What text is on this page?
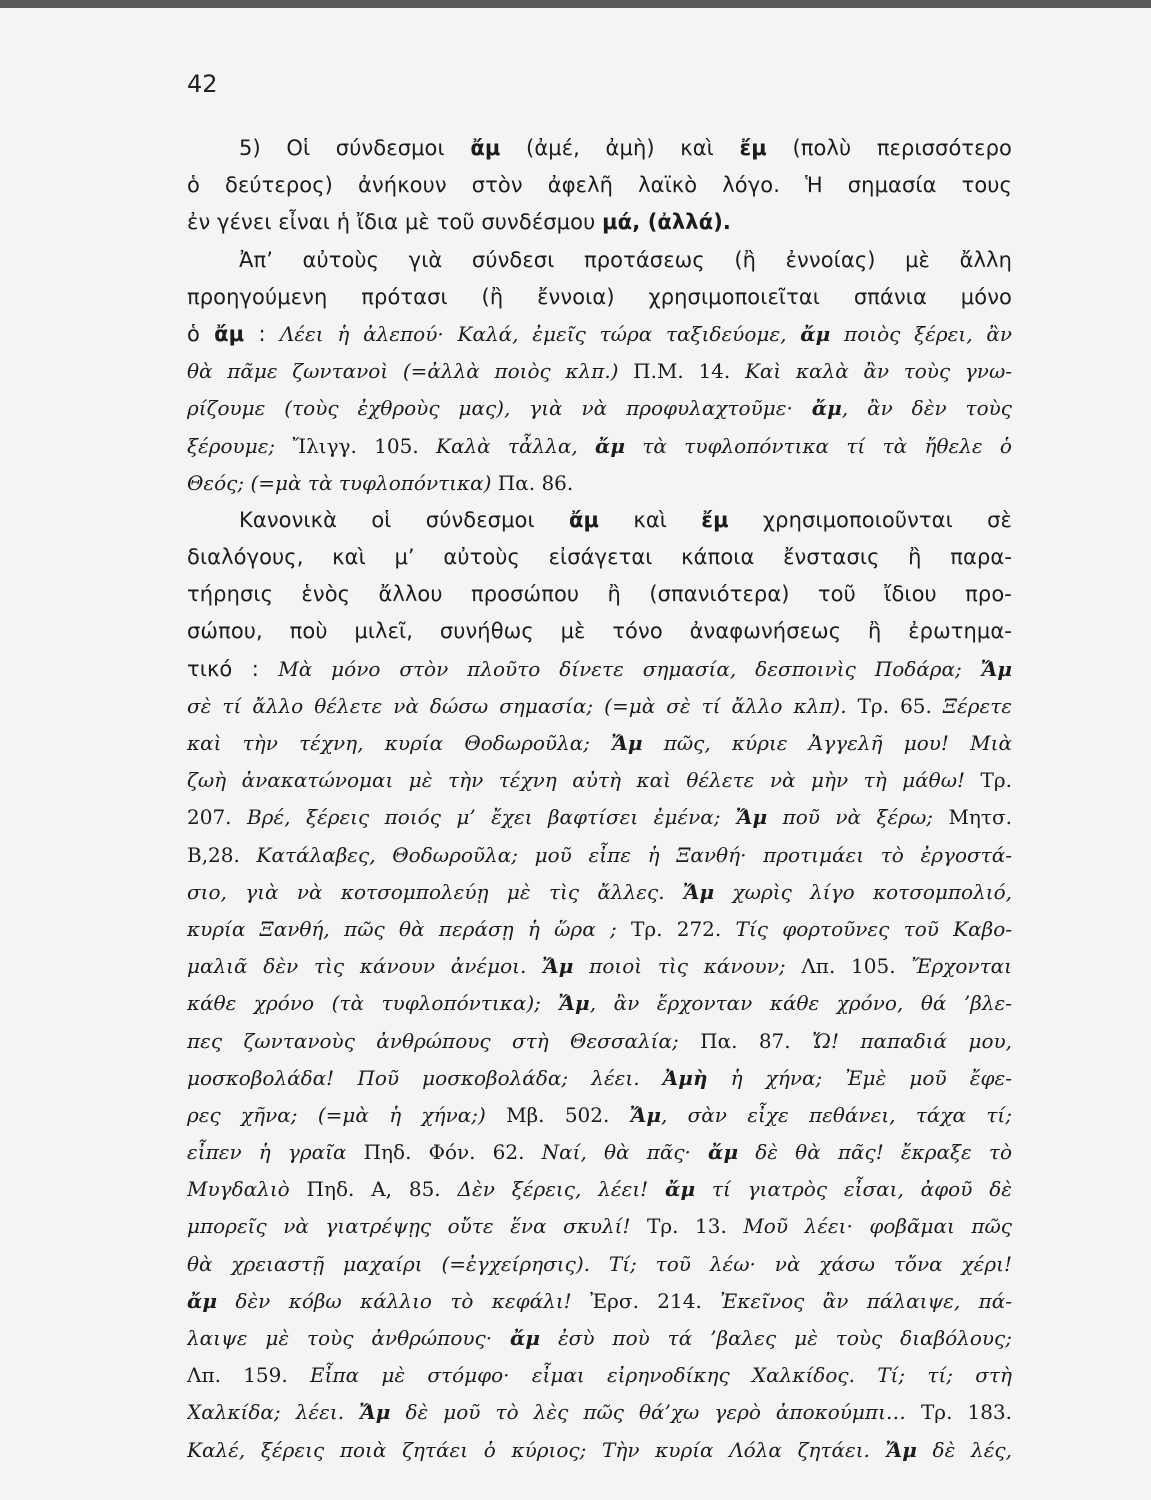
42
5) Οἱ σύνδεσμοι ἄμ (ἀμέ, ἀμὴ) καὶ ἔμ (πολὺ περισσότερο
ὁ δεύτερος) ἀνήκουν στὸν ἀφελῆ λαϊκὸ λόγο. Ἡ σημασία τους
ἐν γένει εἶναι ἡ ἴδια μὲ τοῦ συνδέσμου μά, (ἀλλά).
Ἀπ’ αὐτοὺς γιὰ σύνδεσι προτάσεως (ἢ ἐννοίας) μὲ ἄλλη
προηγούμενη πρότασι (ἢ ἔννοια) χρησιμοποιεῖται σπάνια μόνο
ὁ ἄμ : Λέει ἡ ἀλεπού· Καλά, ἐμεῖς τώρα ταξιδεύομε, ἄμ ποιὸς ξέρει, ἂν
θὰ πᾶμε ζωντανοὶ (=ἀλλὰ ποιὸς κλπ.) Π.Μ. 14. Καὶ καλὰ ἂν τοὺς γνω-
ρίζουμε (τοὺς ἐχθροὺς μας), γιὰ νὰ προφυλαχτοῦμε· ἄμ, ἂν δὲν τοὺς
ξέρουμε; Ἴλιγγ. 105. Καλὰ τἆλλα, ἄμ τὰ τυφλοπόντικα τί τὰ ἤθελε ὁ
Θεός; (=μὰ τὰ τυφλοπόντικα) Πα. 86.
Κανονικὰ οἱ σύνδεσμοι ἄμ καὶ ἔμ χρησιμοποιοῦνται σὲ
διαλόγους, καὶ μ’ αὐτοὺς εἰσάγεται κάποια ἔνστασις ἢ παρα-
τήρησις ἑνὸς ἄλλου προσώπου ἢ (σπανιότερα) τοῦ ἴδιου προ-
σώπου, ποὺ μιλεῖ, συνήθως μὲ τόνο ἀναφωνήσεως ἢ ἐρωτημα-
τικό : Μὰ μόνο στὸν πλοῦτο δίνετε σημασία, δεσποινὶς Ποδάρα; Ἄμ
σὲ τί ἄλλο θέλετε νὰ δώσω σημασία; (=μὰ σὲ τί ἄλλο κλπ). Τρ. 65. Ξέρετε
καὶ τὴν τέχνη, κυρία Θοδωροῦλα; Ἄμ πῶς, κύριε Ἀγγελῆ μου! Μιὰ
ζωὴ ἀνακατώνομαι μὲ τὴν τέχνη αὐτὴ καὶ θέλετε νὰ μὴν τὴ μάθω! Τρ.
207. Βρέ, ξέρεις ποιός μ’ ἔχει βαφτίσει ἐμένα; Ἄμ ποῦ νὰ ξέρω; Μητσ.
Β,28. Κατάλαβες, Θοδωροῦλα; μοῦ εἶπε ἡ Ξανθή· προτιμάει τὸ ἐργοστά-
σιο, γιὰ νὰ κοτσομπολεύῃ μὲ τὶς ἄλλες. Ἄμ χωρὶς λίγο κοτσομπολιό,
κυρία Ξανθή, πῶς θὰ περάσῃ ἡ ὥρα ; Τρ. 272. Τίς φορτοῦνες τοῦ Καβο-
μαλιᾶ δὲν τὶς κάνουν ἀνέμοι. Ἄμ ποιοὶ τὶς κάνουν; Λπ. 105. Ἔρχονται
κάθε χρόνο (τὰ τυφλοπόντικα); Ἄμ, ἂν ἔρχονταν κάθε χρόνο, θά ’βλε-
πες ζωντανοὺς ἀνθρώπους στὴ Θεσσαλία; Πα. 87. Ὤ! παπαδιά μου,
μοσκοβολάδα! Ποῦ μοσκοβολάδα; λέει. Ἀμὴ ἡ χήνα; Ἐμὲ μοῦ ἔφε-
ρες χῆνα; (=μὰ ἡ χήνα;) Μβ. 502. Ἄμ, σὰν εἶχε πεθάνει, τάχα τί;
εἶπεν ἡ γραῖα Πηδ. Φόν. 62. Ναί, θὰ πᾶς· ἄμ δὲ θὰ πᾶς! ἔκραξε τὸ
Μυγδαλιὸ Πηδ. Α, 85. Δὲν ξέρεις, λέει! ἄμ τί γιατρὸς εἶσαι, ἀφοῦ δὲ
μπορεῖς νὰ γιατρέψῃς οὔτε ἕνα σκυλί! Τρ. 13. Μοῦ λέει· φοβᾶμαι πῶς
θὰ χρειαστῇ μαχαίρι (=ἐγχείρησις). Τί; τοῦ λέω· νὰ χάσω τὄνα χέρι!
ἄμ δὲν κόβω κάλλιο τὸ κεφάλι! Ἐρσ. 214. Ἐκεῖνος ἂν πάλαιψε, πά-
λαιψε μὲ τοὺς ἀνθρώπους· ἄμ ἐσὺ ποὺ τά ’βαλες μὲ τοὺς διαβόλους;
Λπ. 159. Εἶπα μὲ στόμφο· εἶμαι εἰρηνοδίκης Χαλκίδος. Τί; τί; στὴ
Χαλκίδα; λέει. Ἄμ δὲ μοῦ τὸ λὲς πῶς θά’χω γερὸ ἀποκούμπι… Τρ. 183.
Καλέ, ξέρεις ποιὰ ζητάει ὁ κύριος; Τὴν κυρία Λόλα ζητάει. Ἄμ δὲ λές,
